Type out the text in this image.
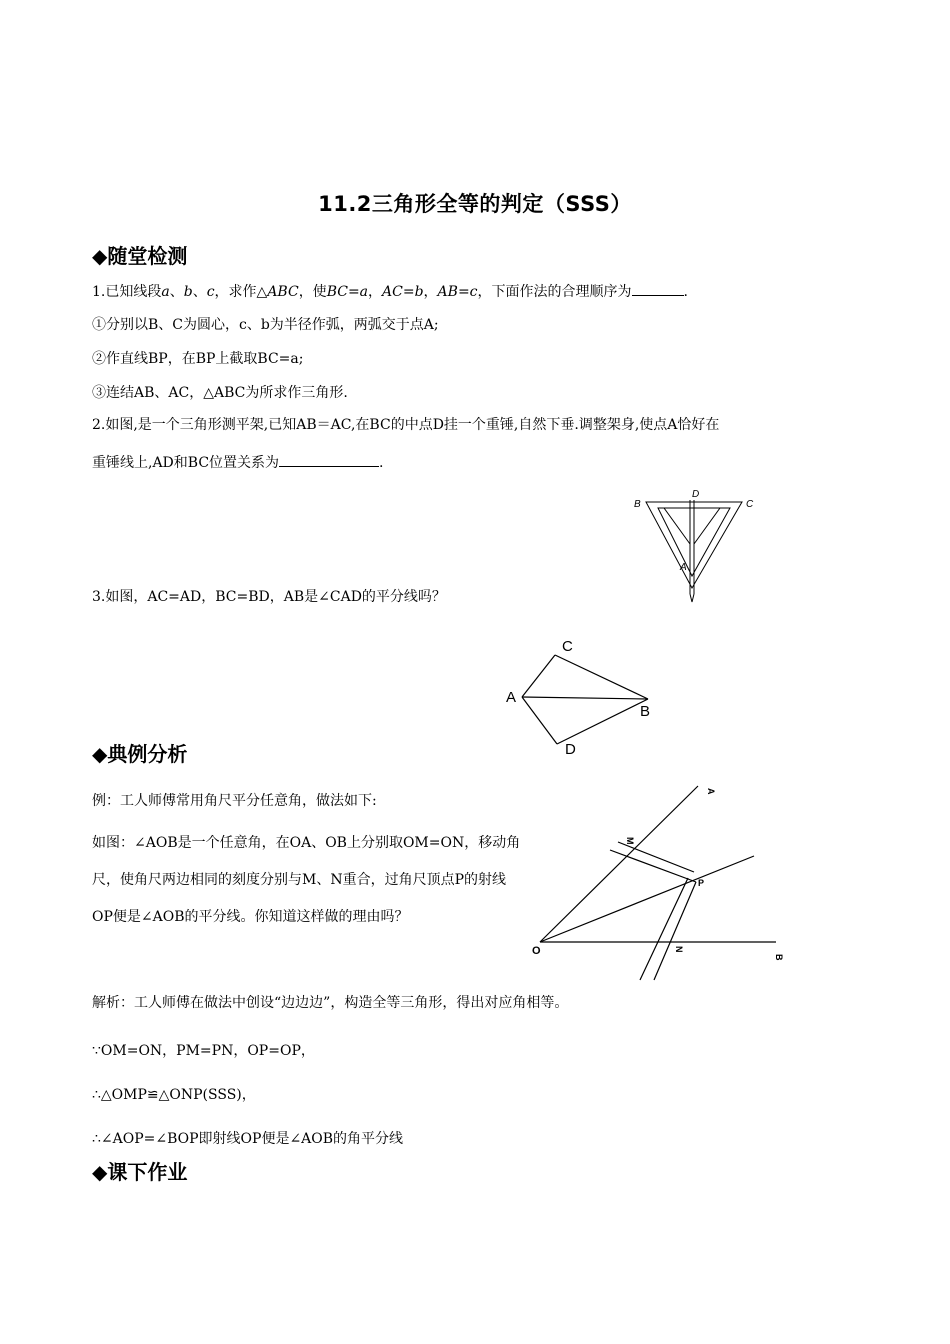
11.2三角形全等的判定（SSS）
◆随堂检测
1.已知线段a、b、c，求作△ABC，使BC=a，AC=b，AB=c，下面作法的合理顺序为	.
①分别以B、C为圆心，c、b为半径作弧，两弧交于点A;
②作直线BP，在BP上截取BC=a;
③连结AB、AC，△ABC为所求作三角形.
2.如图,是一个三角形测平架,已知AB＝AC,在BC的中点D挂一个重锤,自然下垂.调整架身,使点A恰好在
重锤线上,AD和BC位置关系为	.
B
D
C
A
3.如图，AC=AD，BC=BD，AB是∠CAD的平分线吗？
A
B
C
D
◆典例分析
例：工人师傅常用角尺平分任意角，做法如下:
如图：∠AOB是一个任意角，在OA、OB上分别取OM=ON，移动角尺，使角尺两边相同的刻度分别与M、N重合，过角尺顶点P的射线OP便是∠AOB的平分线。你知道这样做的理由吗？
O
A
B
M
N
P
解析：工人师傅在做法中创设“边边边”，构造全等三角形，得出对应角相等。
∵OM=ON，PM=PN，OP=OP，
∴△OMP≌△ONP(SSS)，
∴∠AOP=∠BOP即射线OP便是∠AOB的角平分线
◆课下作业
